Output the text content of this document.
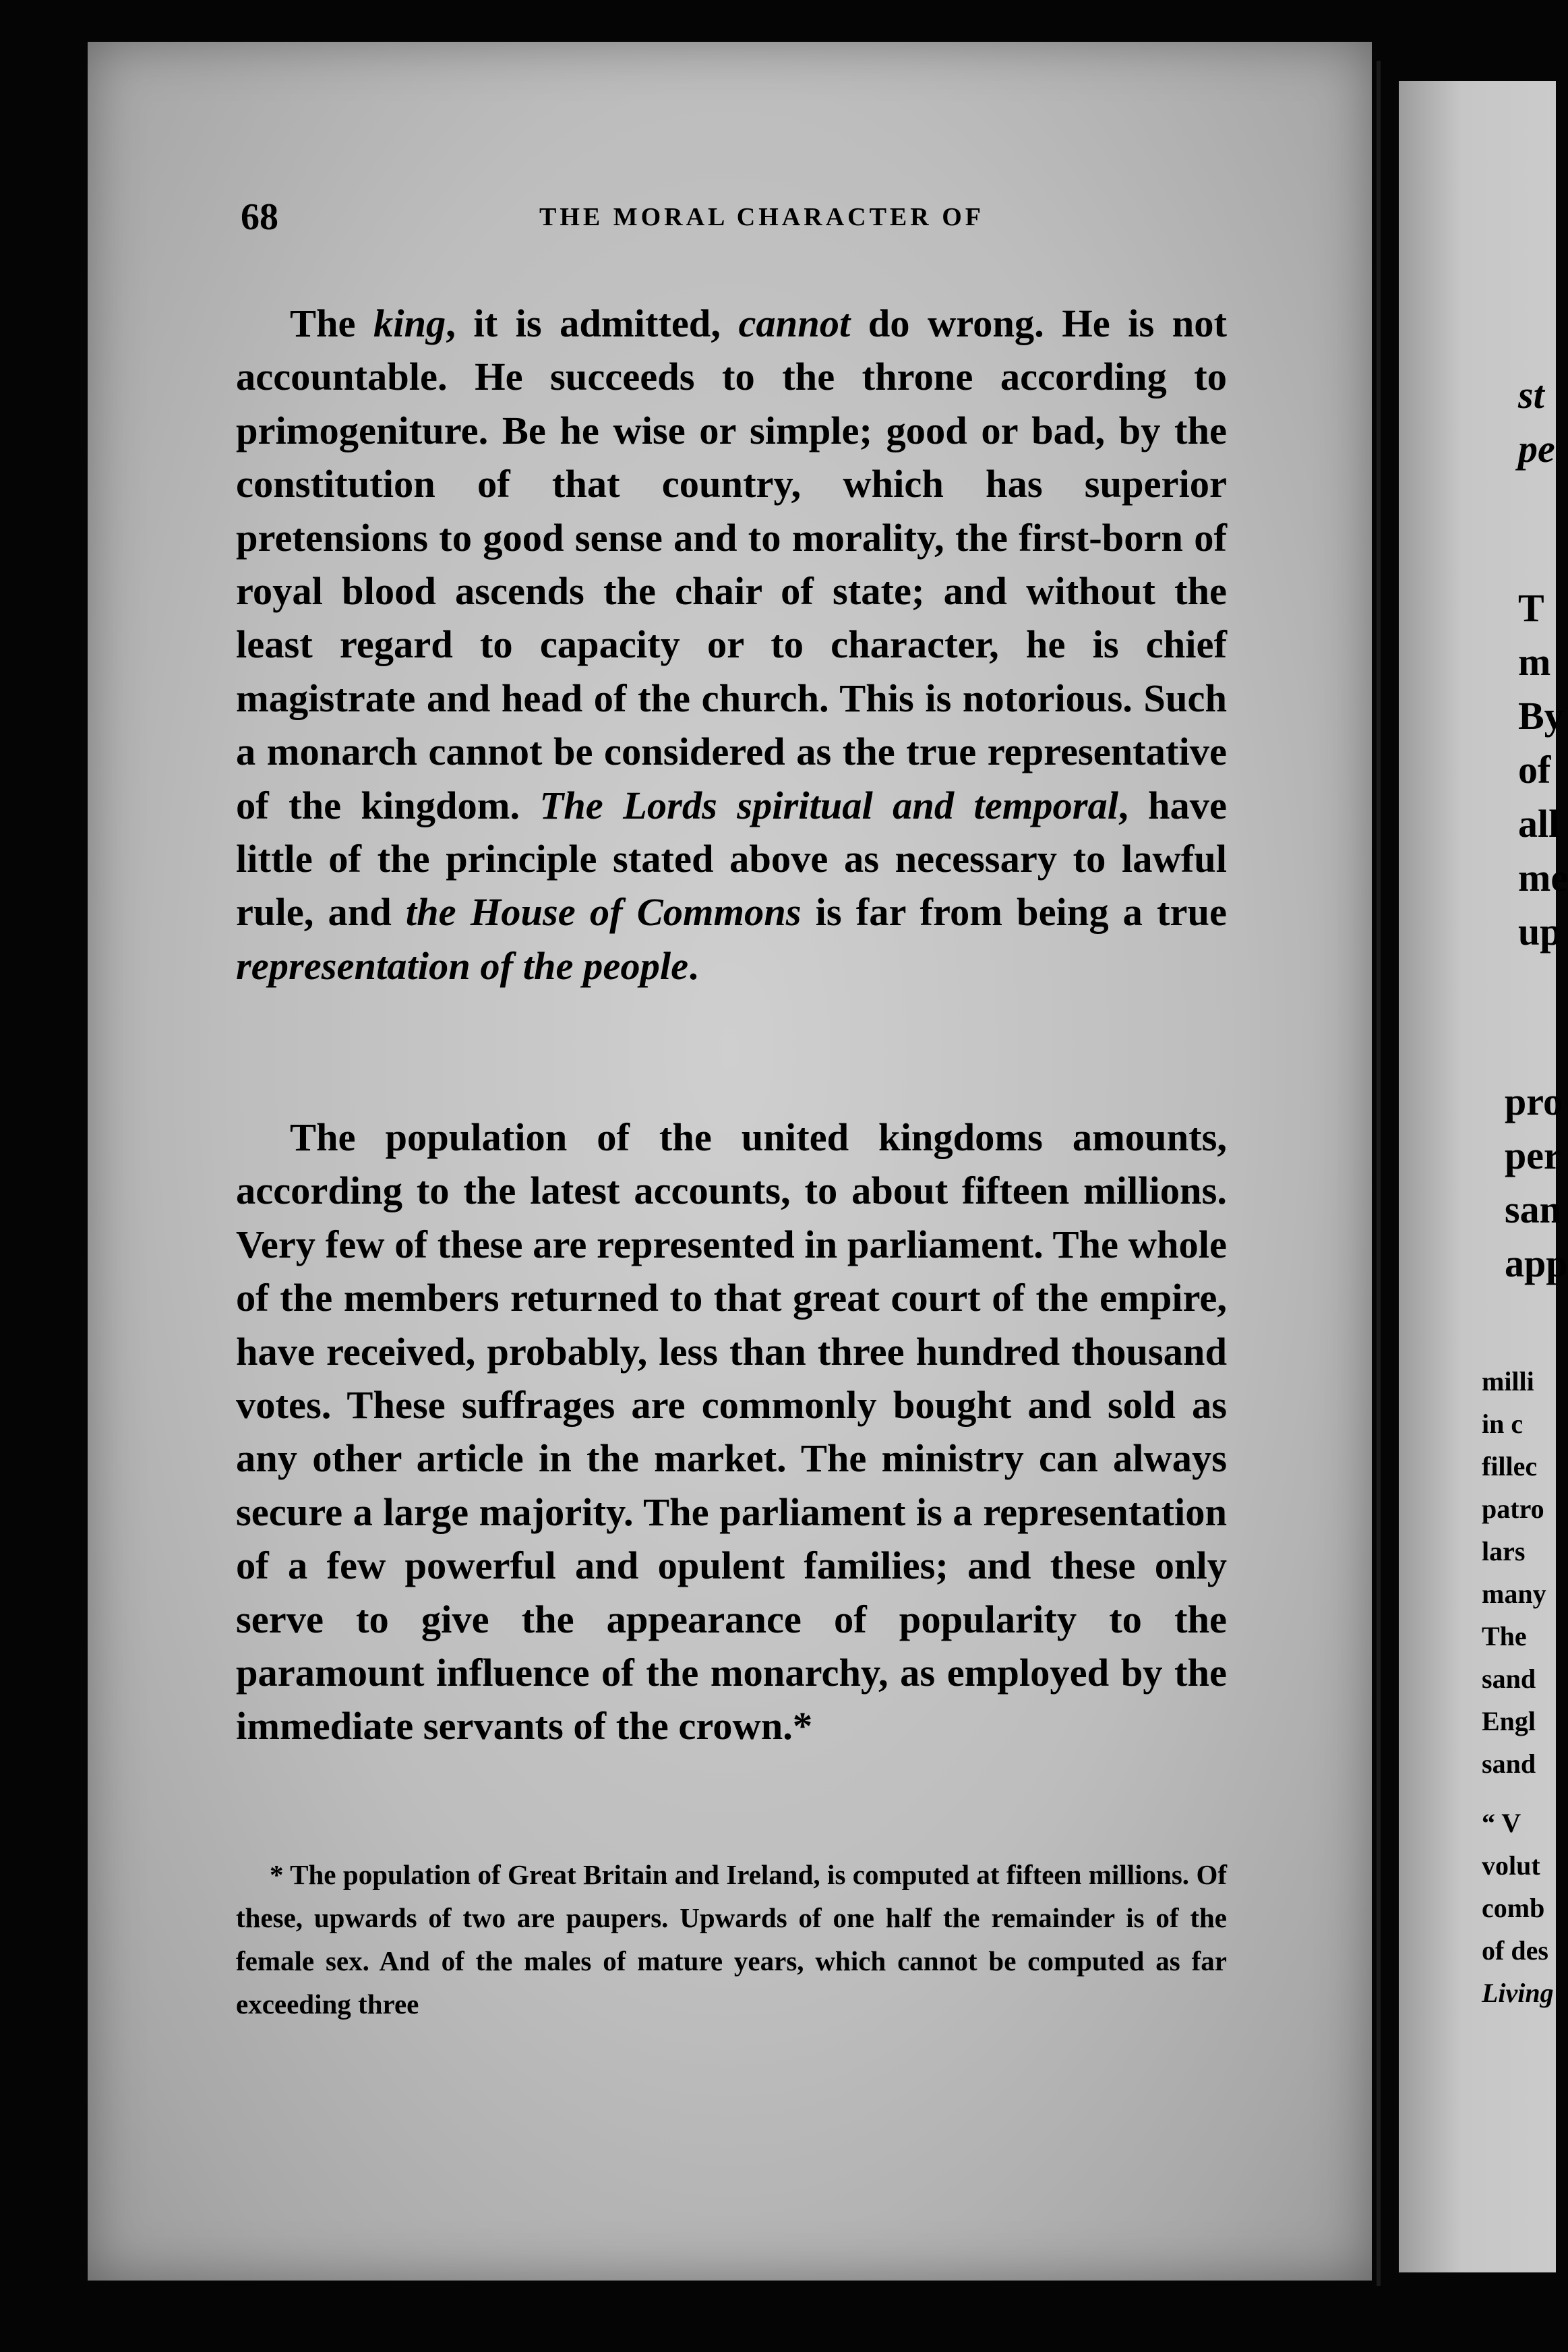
68	THE MORAL CHARACTER OF

The king, it is admitted, cannot do wrong. He is not accountable. He succeeds to the throne according to primogeniture. Be he wise or simple; good or bad, by the constitution of that country, which has superior pretensions to good sense and to morality, the first-born of royal blood ascends the chair of state; and without the least regard to capacity or to character, he is chief magistrate and head of the church. This is notorious. Such a monarch cannot be considered as the true representative of the kingdom. The Lords spiritual and temporal, have little of the principle stated above as necessary to lawful rule, and the House of Commons is far from being a true representation of the people.

The population of the united kingdoms amounts, according to the latest accounts, to about fifteen millions. Very few of these are represented in parliament. The whole of the members returned to that great court of the empire, have received, probably, less than three hundred thousand votes. These suffrages are commonly bought and sold as any other article in the market. The ministry can always secure a large majority. The parliament is a representation of a few powerful and opulent families; and these only serve to give the appearance of popularity to the paramount influence of the monarchy, as employed by the immediate servants of the crown.*

* The population of Great Britain and Ireland, is computed at fifteen millions. Of these, upwards of two are paupers. Upwards of one half the remainder is of the female sex. And of the males of mature years, which cannot be computed as far exceeding three

st
pe
T
m
By
of
all
me
up
pro
per
san
app
milli
in c
fillec
patro
lars
many
The
sand
Engl
sand
“ V
volut
comb
of des
Living
